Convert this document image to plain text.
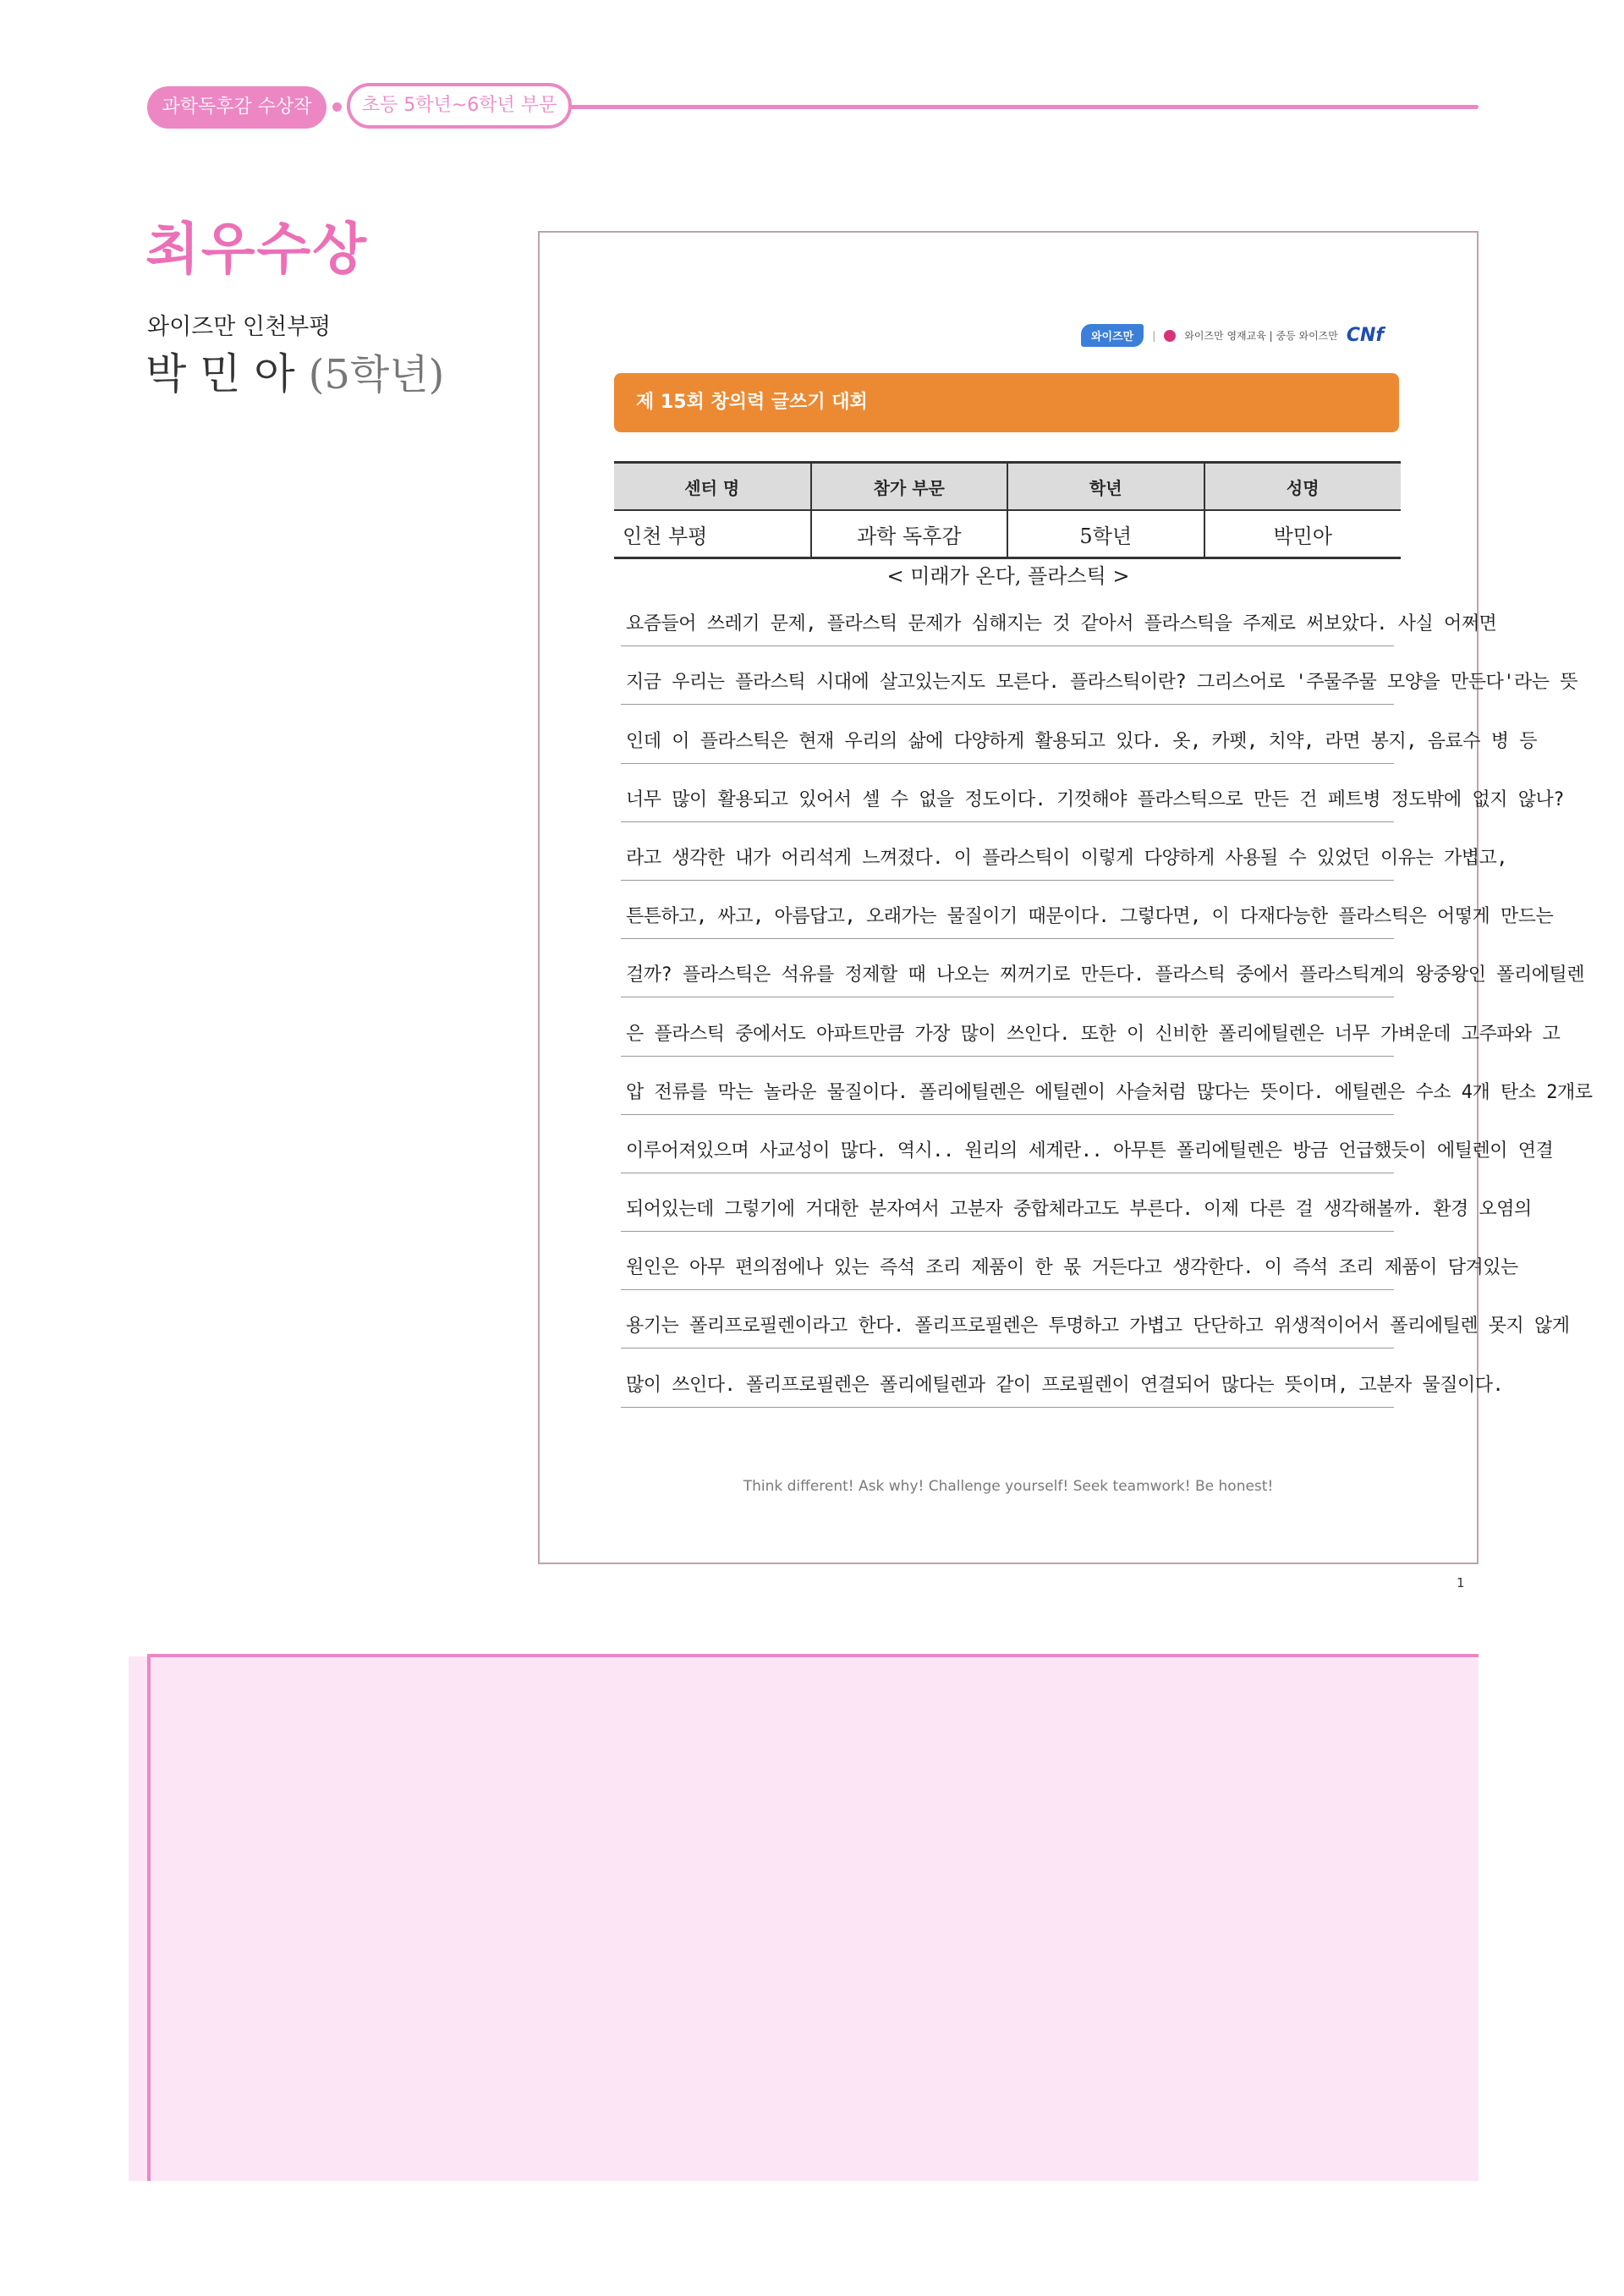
과학독후감 수상작	초등 5학년~6학년 부문
최우수상
와이즈만 인천부평
박 민 아 (5학년)
와이즈만	|	와이즈만 영재교육 | 중등 와이즈만 CNf
제 15회 창의력 글쓰기 대회
센터 명	참가 부문	학년	성명
인천 부평	과학 독후감	5학년	박민아
< 미래가 온다, 플라스틱 >
요즘들어 쓰레기 문제, 플라스틱 문제가 심해지는 것 같아서 플라스틱을 주제로 써보았다. 사실 어쩌면
지금 우리는 플라스틱 시대에 살고있는지도 모른다. 플라스틱이란? 그리스어로 '주물주물 모양을 만든다'라는 뜻
인데 이 플라스틱은 현재 우리의 삶에 다양하게 활용되고 있다. 옷, 카펫, 치약, 라면 봉지, 음료수 병 등
너무 많이 활용되고 있어서 셀 수 없을 정도이다. 기껏해야 플라스틱으로 만든 건 페트병 정도밖에 없지 않나?
라고 생각한 내가 어리석게 느껴졌다. 이 플라스틱이 이렇게 다양하게 사용될 수 있었던 이유는 가볍고,
튼튼하고, 싸고, 아름답고, 오래가는 물질이기 때문이다. 그렇다면, 이 다재다능한 플라스틱은 어떻게 만드는
걸까? 플라스틱은 석유를 정제할 때 나오는 찌꺼기로 만든다. 플라스틱 중에서 플라스틱계의 왕중왕인 폴리에틸렌
은 플라스틱 중에서도 아파트만큼 가장 많이 쓰인다. 또한 이 신비한 폴리에틸렌은 너무 가벼운데 고주파와 고
압 전류를 막는 놀라운 물질이다. 폴리에틸렌은 에틸렌이 사슬처럼 많다는 뜻이다. 에틸렌은 수소 4개 탄소 2개로
이루어져있으며 사교성이 많다. 역시.. 원리의 세계란.. 아무튼 폴리에틸렌은 방금 언급했듯이 에틸렌이 연결
되어있는데 그렇기에 거대한 분자여서 고분자 중합체라고도 부른다. 이제 다른 걸 생각해볼까. 환경 오염의
원인은 아무 편의점에나 있는 즉석 조리 제품이 한 몫 거든다고 생각한다. 이 즉석 조리 제품이 담겨있는
용기는 폴리프로필렌이라고 한다. 폴리프로필렌은 투명하고 가볍고 단단하고 위생적이어서 폴리에틸렌 못지 않게
많이 쓰인다. 폴리프로필렌은 폴리에틸렌과 같이 프로필렌이 연결되어 많다는 뜻이며, 고분자 물질이다.
Think different! Ask why! Challenge yourself! Seek teamwork! Be honest!
1
